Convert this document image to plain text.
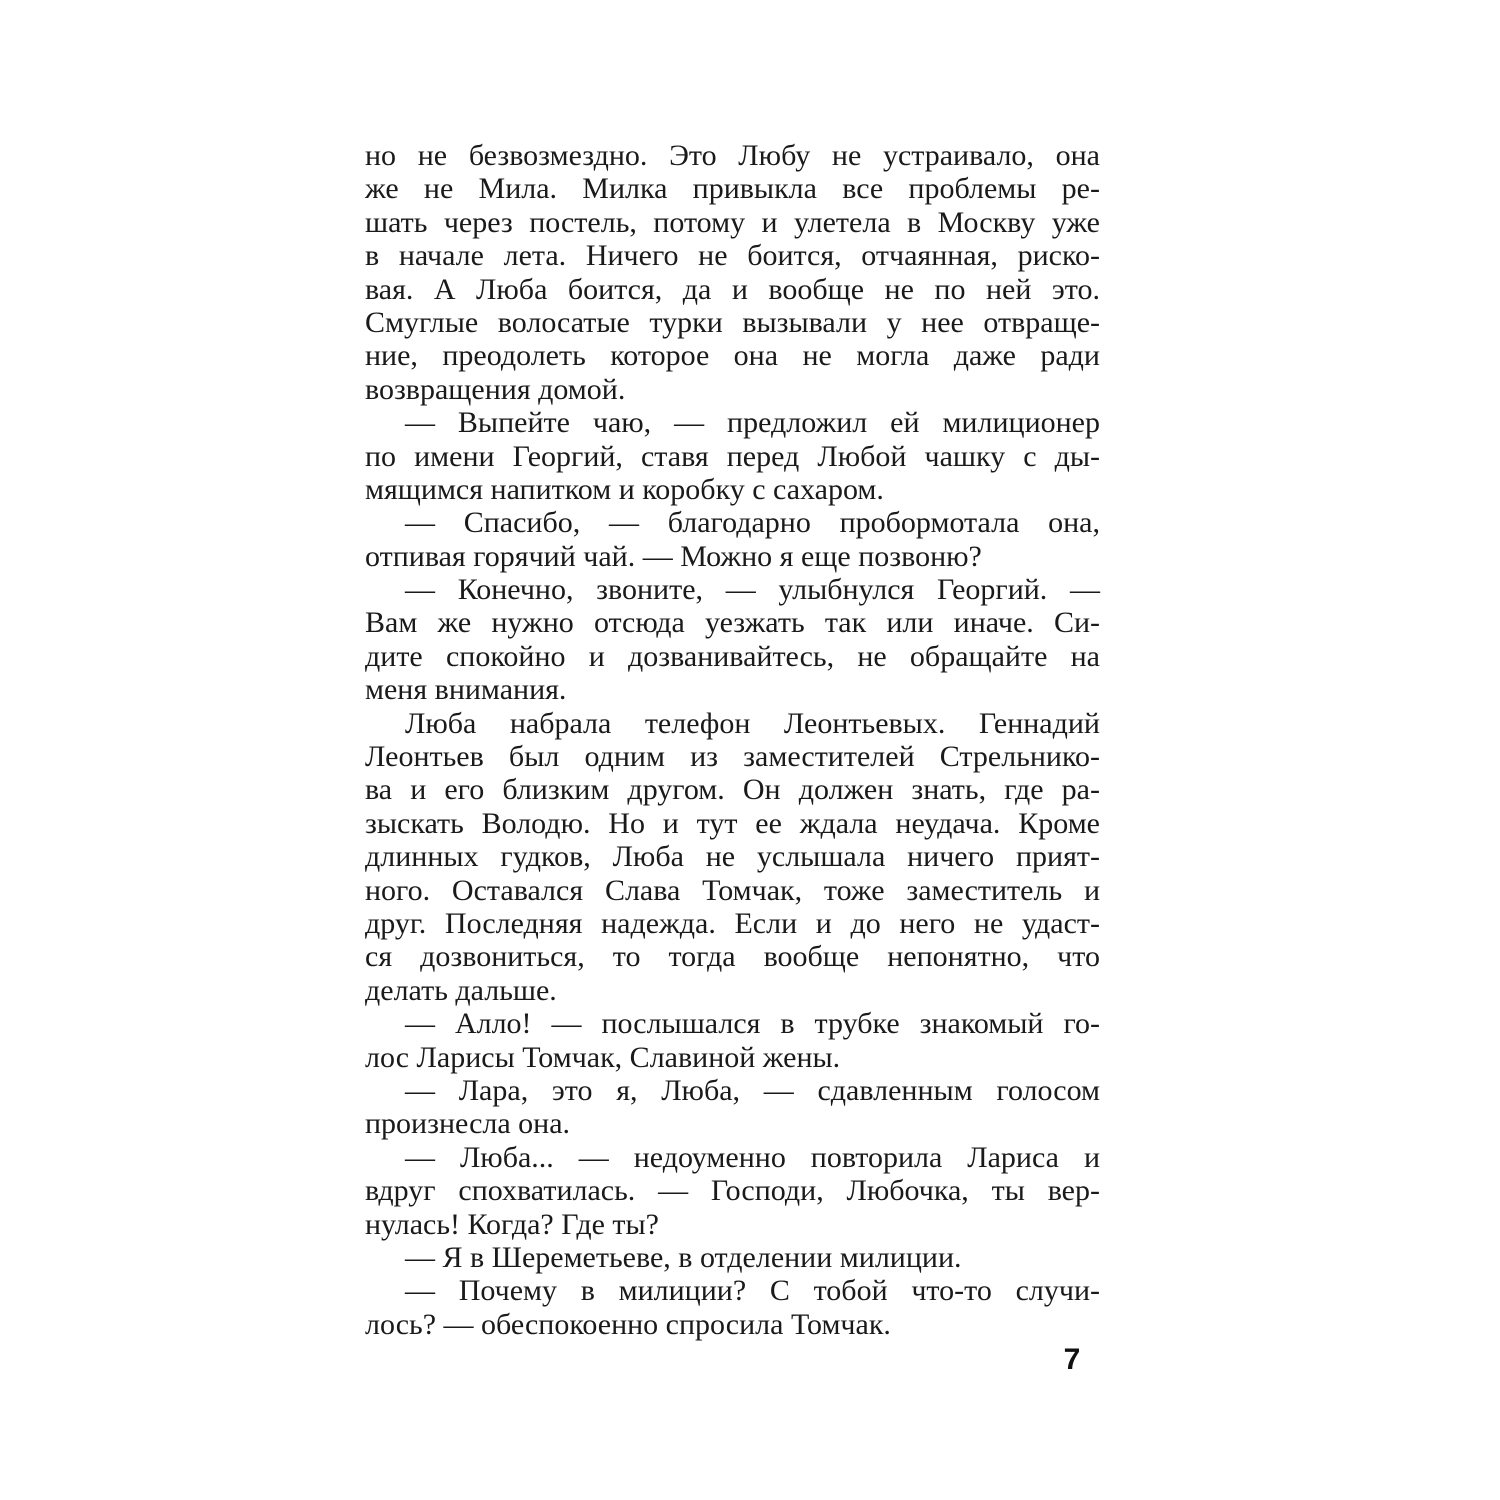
но не безвозмездно. Это Любу не устраивало, она
же не Мила. Милка привыкла все проблемы ре-
шать через постель, потому и улетела в Москву уже
в начале лета. Ничего не боится, отчаянная, риско-
вая. А Люба боится, да и вообще не по ней это.
Смуглые волосатые турки вызывали у нее отвраще-
ние, преодолеть которое она не могла даже ради
возвращения домой.
— Выпейте чаю, — предложил ей милиционер
по имени Георгий, ставя перед Любой чашку с ды-
мящимся напитком и коробку с сахаром.
— Спасибо, — благодарно пробормотала она,
отпивая горячий чай. — Можно я еще позвоню?
— Конечно, звоните, — улыбнулся Георгий. —
Вам же нужно отсюда уезжать так или иначе. Си-
дите спокойно и дозванивайтесь, не обращайте на
меня внимания.
Люба набрала телефон Леонтьевых. Геннадий
Леонтьев был одним из заместителей Стрельнико-
ва и его близким другом. Он должен знать, где ра-
зыскать Володю. Но и тут ее ждала неудача. Кроме
длинных гудков, Люба не услышала ничего прият-
ного. Оставался Слава Томчак, тоже заместитель и
друг. Последняя надежда. Если и до него не удаст-
ся дозвониться, то тогда вообще непонятно, что
делать дальше.
— Алло! — послышался в трубке знакомый го-
лос Ларисы Томчак, Славиной жены.
— Лара, это я, Люба, — сдавленным голосом
произнесла она.
— Люба... — недоуменно повторила Лариса и
вдруг спохватилась. — Господи, Любочка, ты вер-
нулась! Когда? Где ты?
— Я в Шереметьеве, в отделении милиции.
— Почему в милиции? С тобой что-то случи-
лось? — обеспокоенно спросила Томчак.
7
